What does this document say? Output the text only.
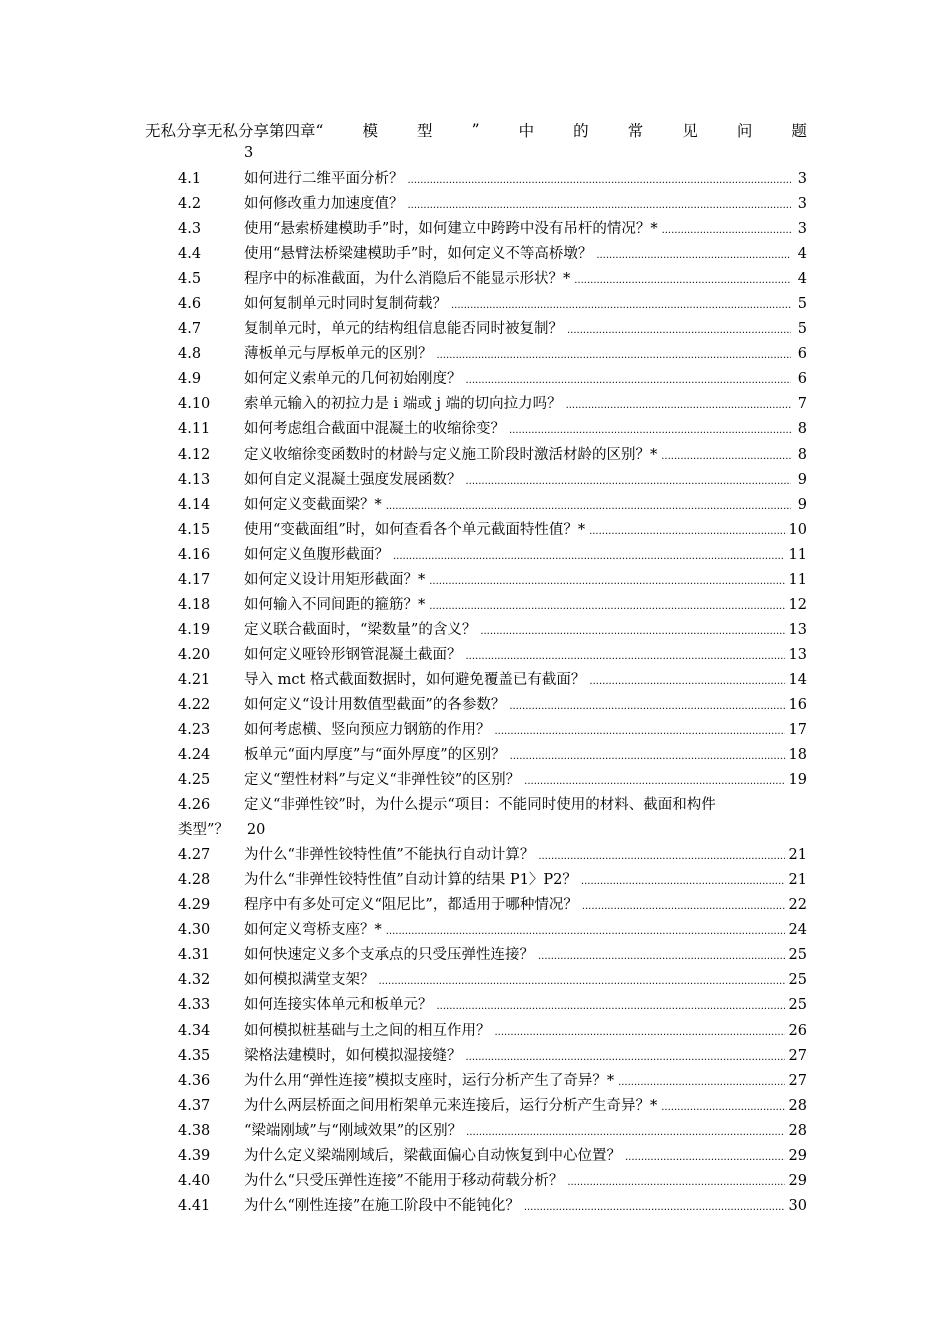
无私分享无私分享第四章“	模	型	”	中	的	常	见	问	题
3
4.1	如何进行二维平面分析？ .....	3
4.2	如何修改重力加速度值？ .....	3
4.3	使用“悬索桥建模助手”时，如何建立中跨跨中没有吊杆的情况？* .....	3
4.4	使用“悬臂法桥梁建模助手”时，如何定义不等高桥墩？ .....	4
4.5	程序中的标准截面，为什么消隐后不能显示形状？* .....	4
4.6	如何复制单元时同时复制荷载？ .....	5
4.7	复制单元时，单元的结构组信息能否同时被复制？ .....	5
4.8	薄板单元与厚板单元的区别？ .....	6
4.9	如何定义索单元的几何初始刚度？ .....	6
4.10 索单元输入的初拉力是 i 端或 j 端的切向拉力吗？ .....	7
4.11 如何考虑组合截面中混凝土的收缩徐变？ .....	8
4.12 定义收缩徐变函数时的材龄与定义施工阶段时激活材龄的区别？* .....	8
4.13 如何自定义混凝土强度发展函数？ .....	9
4.14 如何定义变截面梁？* .....	9
4.15 使用“变截面组”时，如何查看各个单元截面特性值？* .....	10
4.16 如何定义鱼腹形截面？ .....	11
4.17 如何定义设计用矩形截面？* .....	11
4.18 如何输入不同间距的箍筋？* .....	12
4.19 定义联合截面时，“梁数量”的含义？ .....	13
4.20 如何定义哑铃形钢管混凝土截面？ .....	13
4.21 导入 mct 格式截面数据时，如何避免覆盖已有截面？ .....	14
4.22 如何定义“设计用数值型截面”的各参数？ .....	16
4.23 如何考虑横、竖向预应力钢筋的作用？ .....	17
4.24 板单元“面内厚度”与“面外厚度”的区别？ .....	18
4.25 定义“塑性材料”与定义“非弹性铰”的区别？ .....	19
4.26 定义“非弹性铰”时，为什么提示“项目：不能同时使用的材料、截面和构件
类型”？ 20
4.27 为什么“非弹性铰特性值”不能执行自动计算？ .....	21
4.28 为什么“非弹性铰特性值”自动计算的结果 P1〉P2？ .....	21
4.29 程序中有多处可定义“阻尼比”，都适用于哪种情况？ .....	22
4.30 如何定义弯桥支座？* .....	24
4.31 如何快速定义多个支承点的只受压弹性连接？ .....	25
4.32 如何模拟满堂支架？ .....	25
4.33 如何连接实体单元和板单元？ .....	25
4.34 如何模拟桩基础与土之间的相互作用？ .....	26
4.35 梁格法建模时，如何模拟湿接缝？ .....	27
4.36 为什么用“弹性连接”模拟支座时，运行分析产生了奇异？* .....	27
4.37 为什么两层桥面之间用桁架单元来连接后，运行分析产生奇异？* .....	28
4.38 “梁端刚域”与“刚域效果”的区别？ .....	28
4.39 为什么定义梁端刚域后，梁截面偏心自动恢复到中心位置？ .....	29
4.40 为什么“只受压弹性连接”不能用于移动荷载分析？ .....	29
4.41 为什么“刚性连接”在施工阶段中不能钝化？ .....	30
